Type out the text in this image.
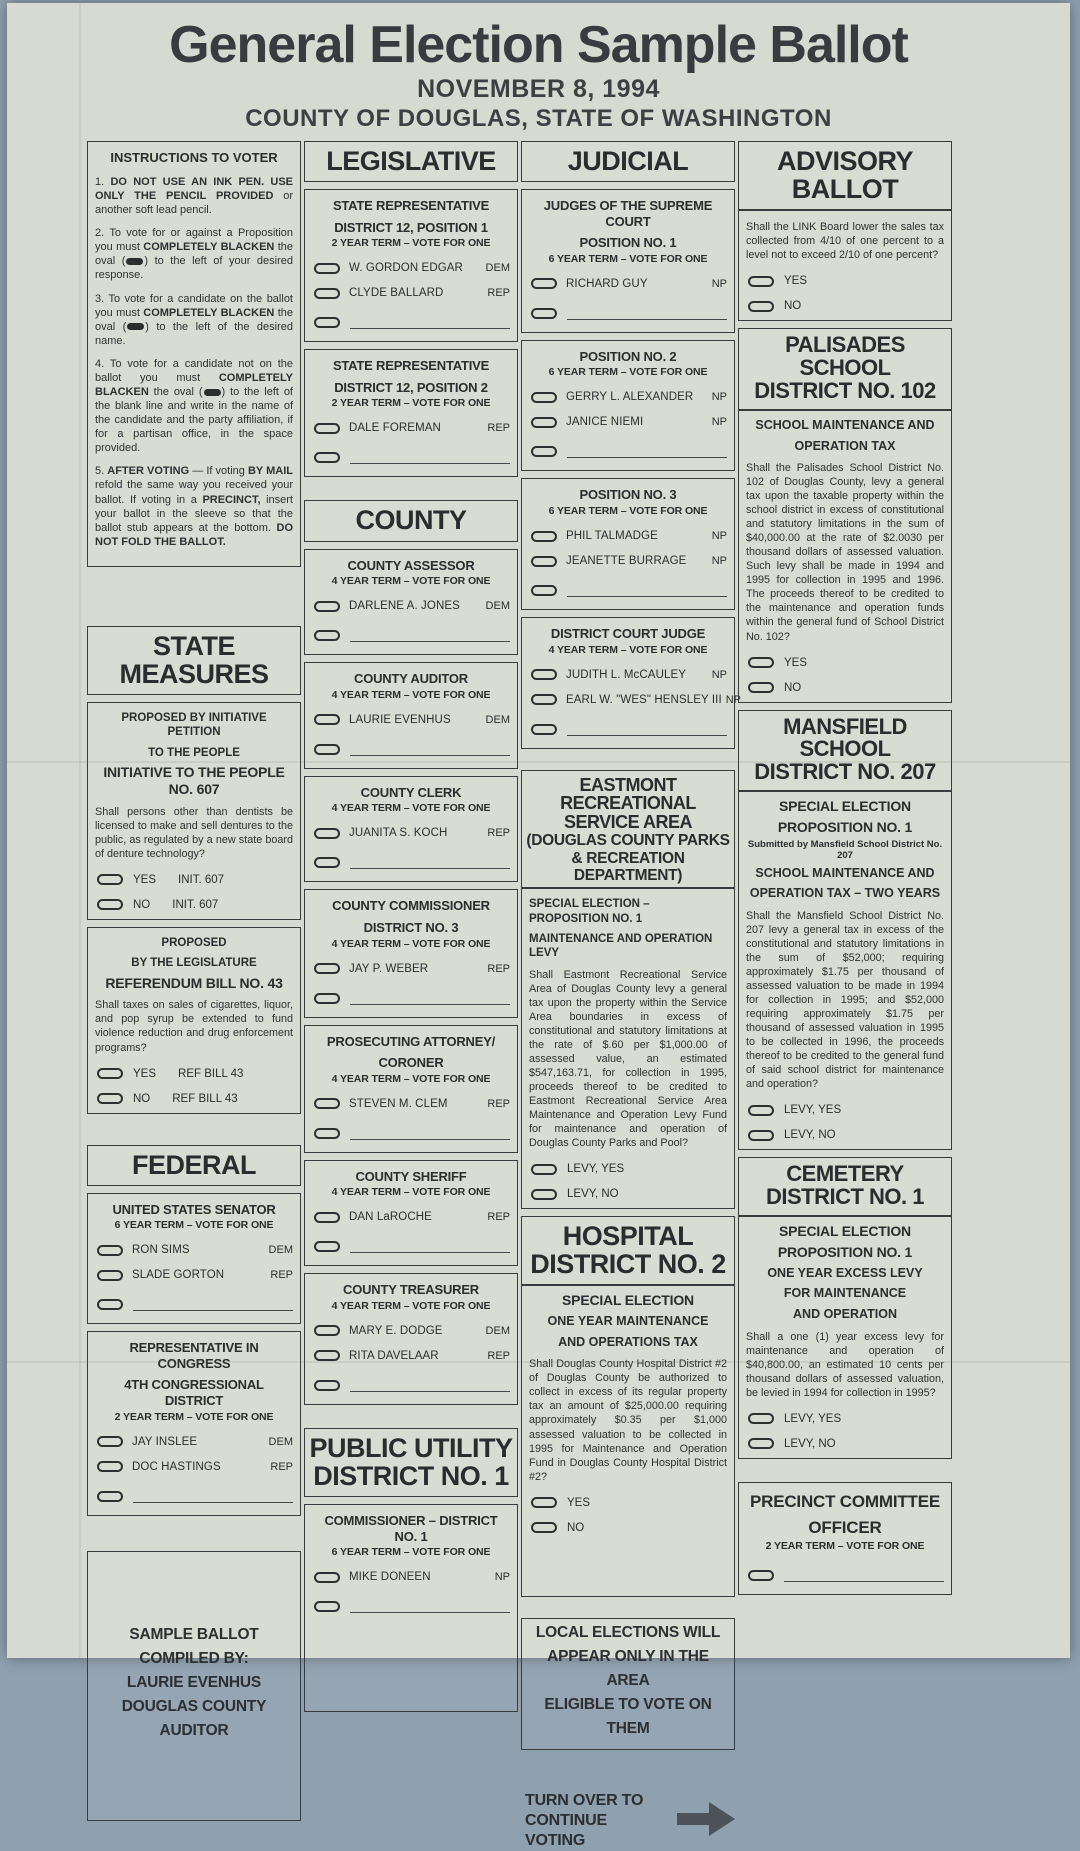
General Election Sample Ballot
NOVEMBER 8, 1994
COUNTY OF DOUGLAS, STATE OF WASHINGTON
INSTRUCTIONS TO VOTER
1. DO NOT USE AN INK PEN. USE ONLY THE PENCIL PROVIDED or another soft lead pencil.
2. To vote for or against a Proposition you must COMPLETELY BLACKEN the oval ( ) to the left of your desired response.
3. To vote for a candidate on the ballot you must COMPLETELY BLACKEN the oval ( ) to the left of the desired name.
4. To vote for a candidate not on the ballot you must COMPLETELY BLACKEN the oval ( ) to the left of the blank line and write in the name of the candidate and the party affiliation, if for a partisan office, in the space provided.
5. AFTER VOTING — If voting BY MAIL refold the same way you received your ballot. If voting in a PRECINCT, insert your ballot in the sleeve so that the ballot stub appears at the bottom. DO NOT FOLD THE BALLOT.
STATE
MEASURES
PROPOSED BY INITIATIVE PETITION
TO THE PEOPLE
INITIATIVE TO THE PEOPLE NO. 607
Shall persons other than dentists be licensed to make and sell dentures to the public, as regulated by a new state board of denture technology?
YES INIT. 607
NO INIT. 607
PROPOSED
BY THE LEGISLATURE
REFERENDUM BILL NO. 43
Shall taxes on sales of cigarettes, liquor, and pop syrup be extended to fund violence reduction and drug enforcement programs?
YES REF BILL 43
NO REF BILL 43
FEDERAL
UNITED STATES SENATOR
6 YEAR TERM – VOTE FOR ONE
RON SIMS	DEM
SLADE GORTON	REP
REPRESENTATIVE IN CONGRESS
4TH CONGRESSIONAL DISTRICT
2 YEAR TERM – VOTE FOR ONE
JAY INSLEE	DEM
DOC HASTINGS	REP
SAMPLE BALLOT
COMPILED BY:
LAURIE EVENHUS
DOUGLAS COUNTY
AUDITOR
LEGISLATIVE
STATE REPRESENTATIVE
DISTRICT 12, POSITION 1
2 YEAR TERM – VOTE FOR ONE
W. GORDON EDGAR	DEM
CLYDE BALLARD	REP
STATE REPRESENTATIVE
DISTRICT 12, POSITION 2
2 YEAR TERM – VOTE FOR ONE
DALE FOREMAN	REP
COUNTY
COUNTY ASSESSOR
4 YEAR TERM – VOTE FOR ONE
DARLENE A. JONES	DEM
COUNTY AUDITOR
4 YEAR TERM – VOTE FOR ONE
LAURIE EVENHUS	DEM
COUNTY CLERK
4 YEAR TERM – VOTE FOR ONE
JUANITA S. KOCH	REP
COUNTY COMMISSIONER
DISTRICT NO. 3
4 YEAR TERM – VOTE FOR ONE
JAY P. WEBER	REP
PROSECUTING ATTORNEY/
CORONER
4 YEAR TERM – VOTE FOR ONE
STEVEN M. CLEM	REP
COUNTY SHERIFF
4 YEAR TERM – VOTE FOR ONE
DAN LaROCHE	REP
COUNTY TREASURER
4 YEAR TERM – VOTE FOR ONE
MARY E. DODGE	DEM
RITA DAVELAAR	REP
PUBLIC UTILITY
DISTRICT NO. 1
COMMISSIONER – DISTRICT NO. 1
6 YEAR TERM – VOTE FOR ONE
MIKE DONEEN	NP
JUDICIAL
JUDGES OF THE SUPREME COURT
POSITION NO. 1
6 YEAR TERM – VOTE FOR ONE
RICHARD GUY	NP
POSITION NO. 2
6 YEAR TERM – VOTE FOR ONE
GERRY L. ALEXANDER	NP
JANICE NIEMI	NP
POSITION NO. 3
6 YEAR TERM – VOTE FOR ONE
PHIL TALMADGE	NP
JEANETTE BURRAGE	NP
DISTRICT COURT JUDGE
4 YEAR TERM – VOTE FOR ONE
JUDITH L. McCAULEY	NP
EARL W. "WES" HENSLEY III NP
EASTMONT RECREATIONAL
SERVICE AREA
(DOUGLAS COUNTY PARKS
& RECREATION DEPARTMENT)
SPECIAL ELECTION – PROPOSITION NO. 1
MAINTENANCE AND OPERATION LEVY
Shall Eastmont Recreational Service Area of Douglas County levy a general tax upon the property within the Service Area boundaries in excess of constitutional and statutory limitations at the rate of $.60 per $1,000.00 of assessed value, an estimated $547,163.71, for collection in 1995, proceeds thereof to be credited to Eastmont Recreational Service Area Maintenance and Operation Levy Fund for maintenance and operation of Douglas County Parks and Pool?
LEVY, YES
LEVY, NO
HOSPITAL
DISTRICT NO. 2
SPECIAL ELECTION
ONE YEAR MAINTENANCE
AND OPERATIONS TAX
Shall Douglas County Hospital District #2 of Douglas County be authorized to collect in excess of its regular property tax an amount of $25,000.00 requiring approximately $0.35 per $1,000 assessed valuation to be collected in 1995 for Maintenance and Operation Fund in Douglas County Hospital District #2?
YES
NO
LOCAL ELECTIONS WILL
APPEAR ONLY IN THE AREA
ELIGIBLE TO VOTE ON THEM
TURN OVER TO
CONTINUE VOTING
ADVISORY
BALLOT
Shall the LINK Board lower the sales tax collected from 4/10 of one percent to a level not to exceed 2/10 of one percent?
YES
NO
PALISADES SCHOOL
DISTRICT NO. 102
SCHOOL MAINTENANCE AND
OPERATION TAX
Shall the Palisades School District No. 102 of Douglas County, levy a general tax upon the taxable property within the school district in excess of constitutional and statutory limitations in the sum of $40,000.00 at the rate of $2.0030 per thousand dollars of assessed valuation. Such levy shall be made in 1994 and 1995 for collection in 1995 and 1996. The proceeds thereof to be credited to the maintenance and operation funds within the general fund of School District No. 102?
YES
NO
MANSFIELD SCHOOL
DISTRICT NO. 207
SPECIAL ELECTION
PROPOSITION NO. 1
Submitted by Mansfield School District No. 207
SCHOOL MAINTENANCE AND
OPERATION TAX – TWO YEARS
Shall the Mansfield School District No. 207 levy a general tax in excess of the constitutional and statutory limitations in the sum of $52,000; requiring approximately $1.75 per thousand of assessed valuation to be made in 1994 for collection in 1995; and $52,000 requiring approximately $1.75 per thousand of assessed valuation in 1995 to be collected in 1996, the proceeds thereof to be credited to the general fund of said school district for maintenance and operation?
LEVY, YES
LEVY, NO
CEMETERY
DISTRICT NO. 1
SPECIAL ELECTION
PROPOSITION NO. 1
ONE YEAR EXCESS LEVY
FOR MAINTENANCE
AND OPERATION
Shall a one (1) year excess levy for maintenance and operation of $40,800.00, an estimated 10 cents per thousand dollars of assessed valuation, be levied in 1994 for collection in 1995?
LEVY, YES
LEVY, NO
PRECINCT COMMITTEE
OFFICER
2 YEAR TERM – VOTE FOR ONE
